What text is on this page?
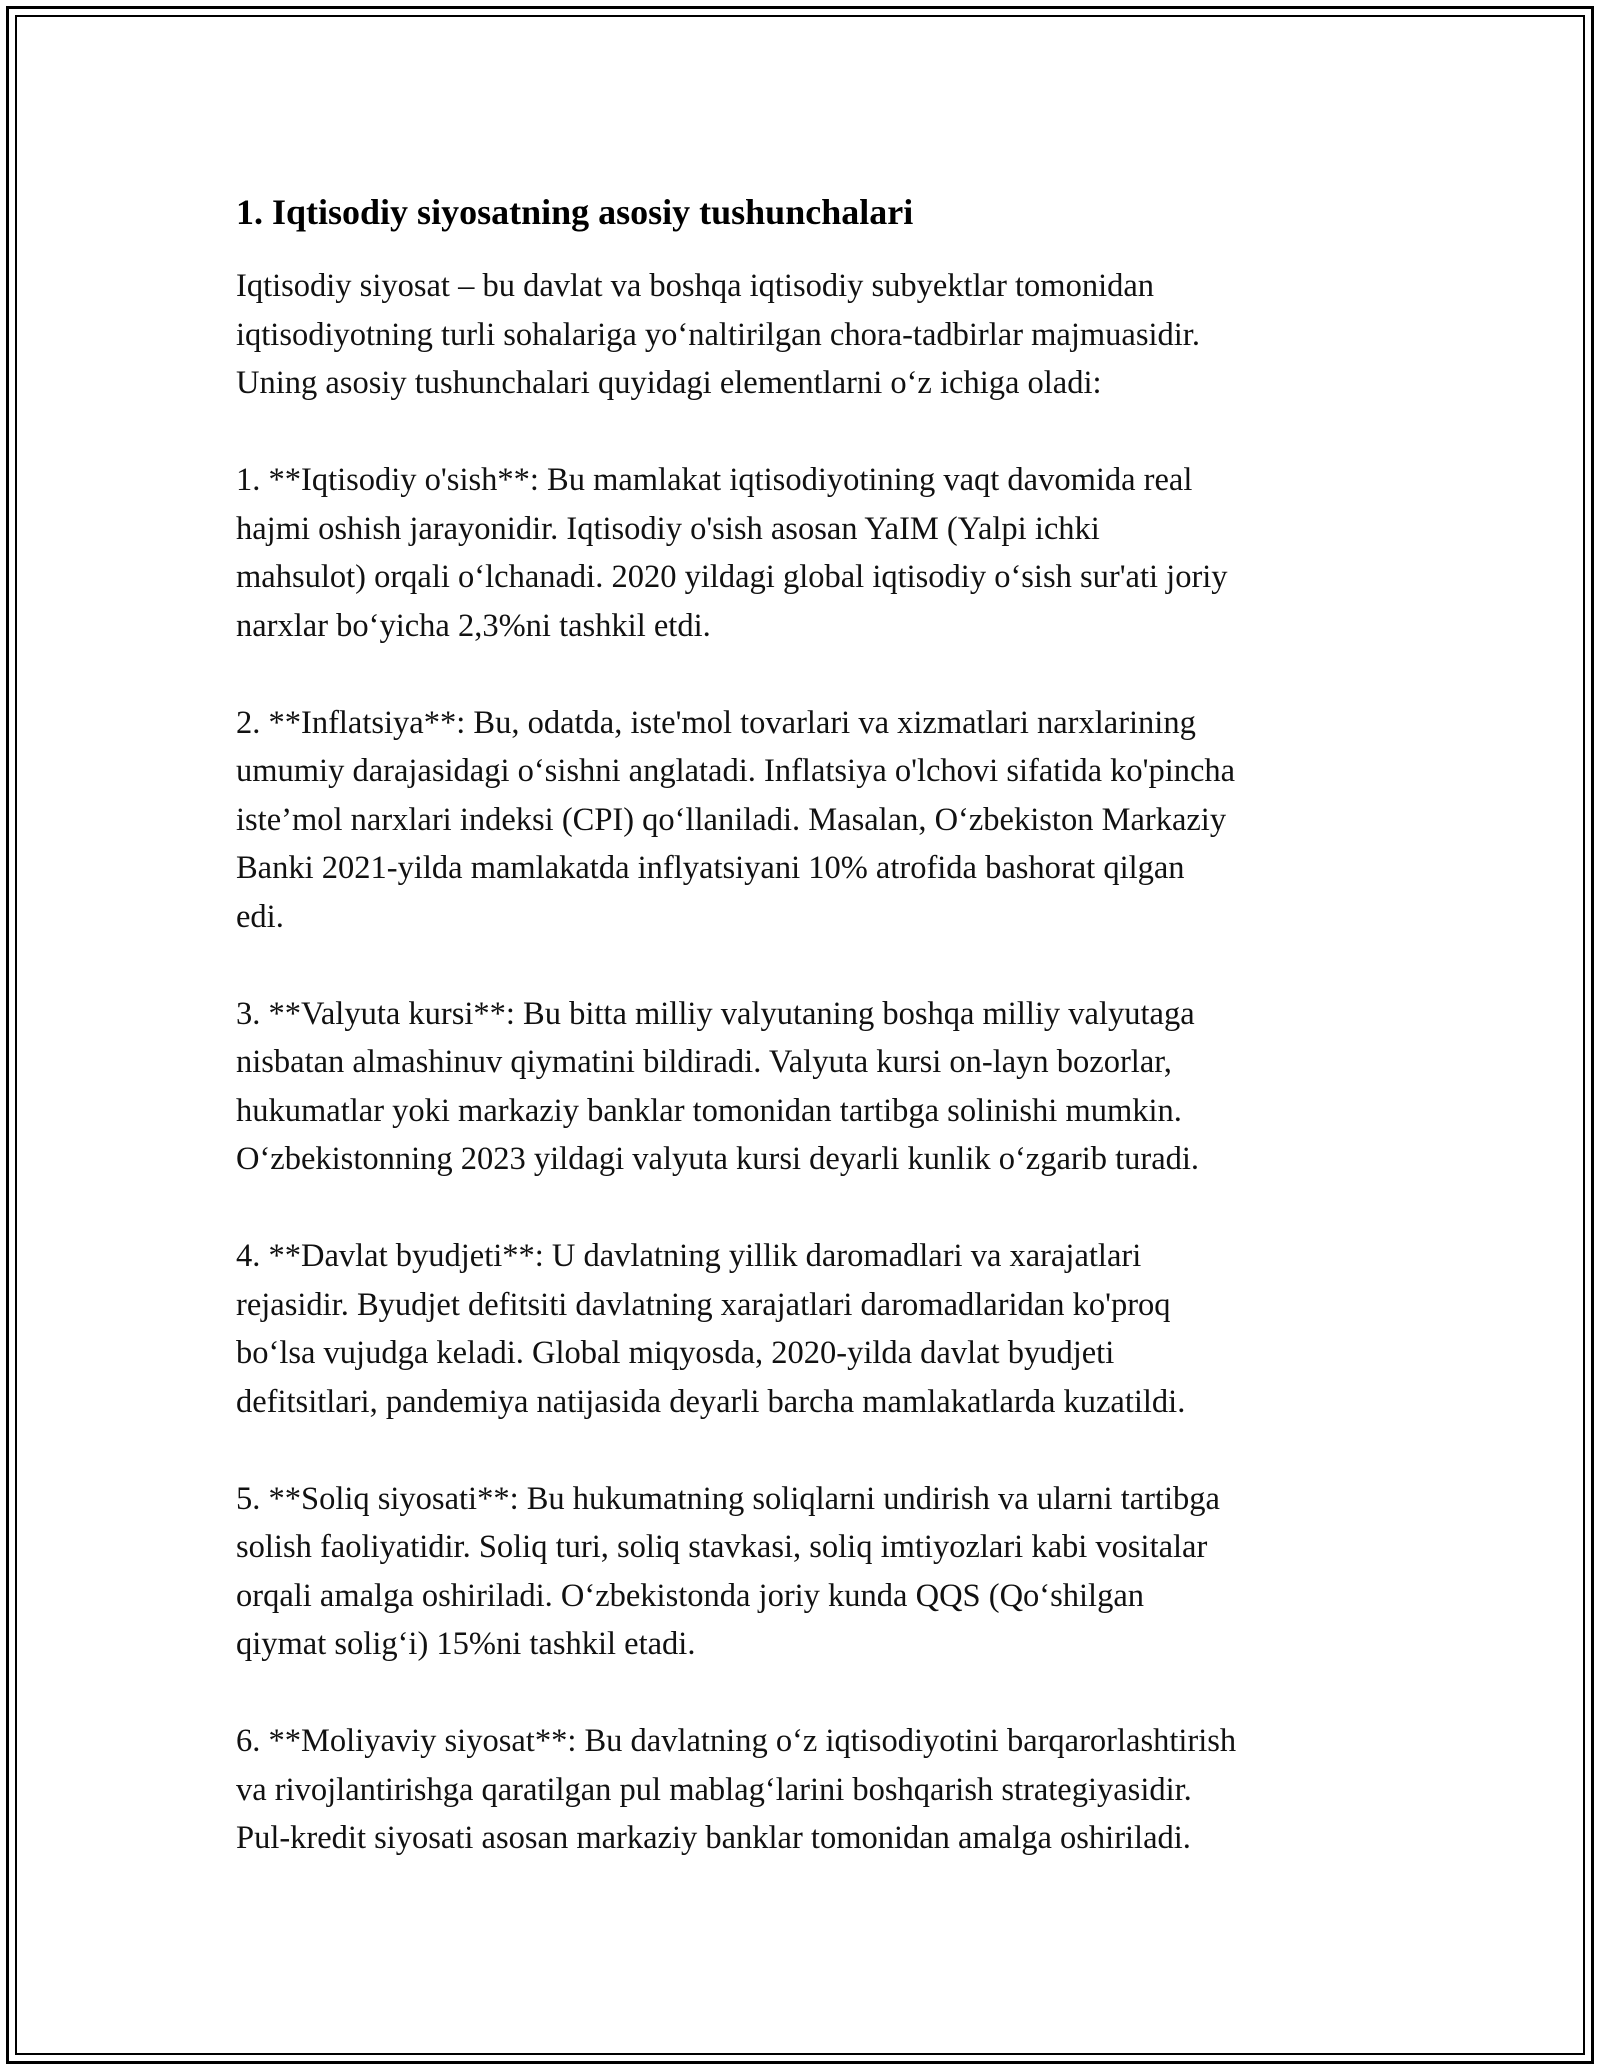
1. Iqtisodiy siyosatning asosiy tushunchalari

Iqtisodiy siyosat – bu davlat va boshqa iqtisodiy subyektlar tomonidan
iqtisodiyotning turli sohalariga yo‘naltirilgan chora-tadbirlar majmuasidir.
Uning asosiy tushunchalari quyidagi elementlarni o‘z ichiga oladi:

1. **Iqtisodiy o'sish**: Bu mamlakat iqtisodiyotining vaqt davomida real
hajmi oshish jarayonidir. Iqtisodiy o'sish asosan YaIM (Yalpi ichki
mahsulot) orqali o‘lchanadi. 2020 yildagi global iqtisodiy o‘sish sur'ati joriy
narxlar bo‘yicha 2,3%ni tashkil etdi.

2. **Inflatsiya**: Bu, odatda, iste'mol tovarlari va xizmatlari narxlarining
umumiy darajasidagi o‘sishni anglatadi. Inflatsiya o'lchovi sifatida ko'pincha
iste’mol narxlari indeksi (CPI) qo‘llaniladi. Masalan, O‘zbekiston Markaziy
Banki 2021-yilda mamlakatda inflyatsiyani 10% atrofida bashorat qilgan
edi.

3. **Valyuta kursi**: Bu bitta milliy valyutaning boshqa milliy valyutaga
nisbatan almashinuv qiymatini bildiradi. Valyuta kursi on-layn bozorlar,
hukumatlar yoki markaziy banklar tomonidan tartibga solinishi mumkin.
O‘zbekistonning 2023 yildagi valyuta kursi deyarli kunlik o‘zgarib turadi.

4. **Davlat byudjeti**: U davlatning yillik daromadlari va xarajatlari
rejasidir. Byudjet defitsiti davlatning xarajatlari daromadlaridan ko'proq
bo‘lsa vujudga keladi. Global miqyosda, 2020-yilda davlat byudjeti
defitsitlari, pandemiya natijasida deyarli barcha mamlakatlarda kuzatildi.

5. **Soliq siyosati**: Bu hukumatning soliqlarni undirish va ularni tartibga
solish faoliyatidir. Soliq turi, soliq stavkasi, soliq imtiyozlari kabi vositalar
orqali amalga oshiriladi. O‘zbekistonda joriy kunda QQS (Qo‘shilgan
qiymat solig‘i) 15%ni tashkil etadi.

6. **Moliyaviy siyosat**: Bu davlatning o‘z iqtisodiyotini barqarorlashtirish
va rivojlantirishga qaratilgan pul mablag‘larini boshqarish strategiyasidir.
Pul-kredit siyosati asosan markaziy banklar tomonidan amalga oshiriladi.
